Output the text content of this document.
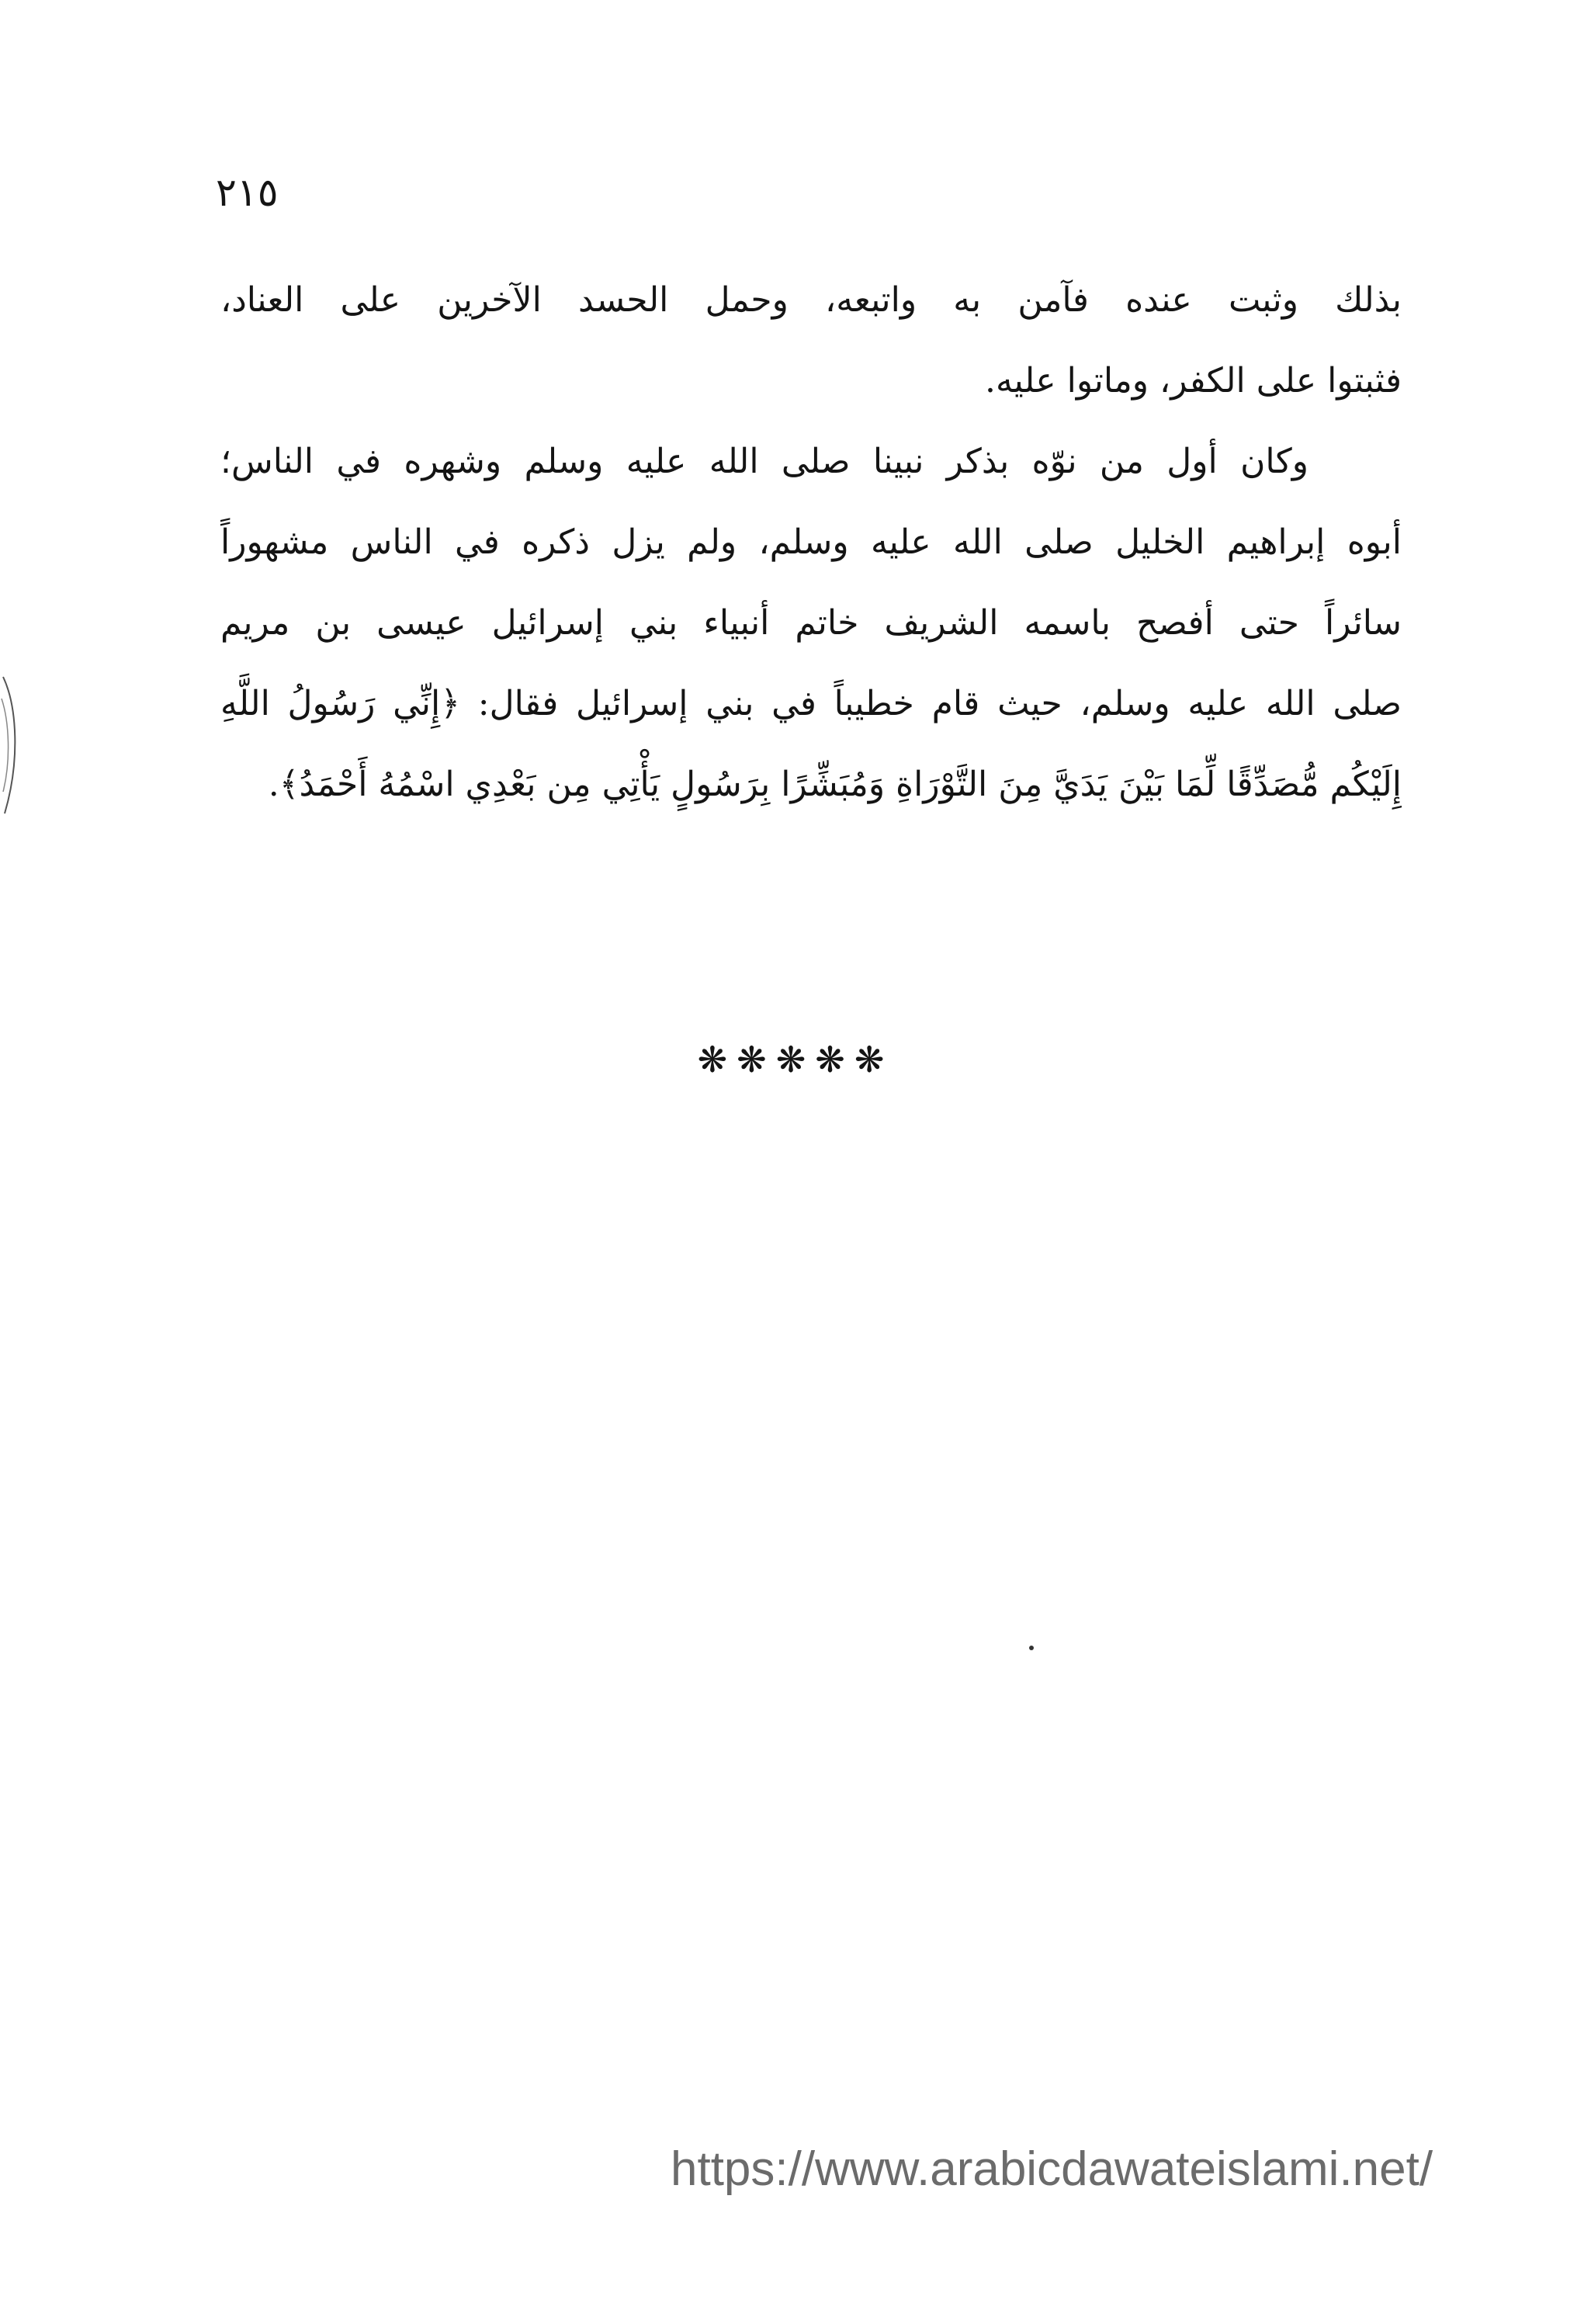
٢١٥
بذلك وثبت عنده فآمن به واتبعه، وحمل الحسد الآخرين على العناد،
فثبتوا على الكفر، وماتوا عليه.
وكان أول من نوّه بذكر نبينا صلى الله عليه وسلم وشهره في الناس؛
أبوه إبراهيم الخليل صلى الله عليه وسلم، ولم يزل ذكره في الناس مشهوراً
سائراً حتى أفصح باسمه الشريف خاتم أنبياء بني إسرائيل عيسى بن مريم
صلى الله عليه وسلم، حيث قام خطيباً في بني إسرائيل فقال: ﴿إِنِّي رَسُولُ اللَّهِ
إِلَيْكُم مُّصَدِّقًا لِّمَا بَيْنَ يَدَيَّ مِنَ التَّوْرَاةِ وَمُبَشِّرًا بِرَسُولٍ يَأْتِي مِن بَعْدِي اسْمُهُ أَحْمَدُ﴾.
❋❋❋❋❋
https://www.arabicdawateislami.net/
